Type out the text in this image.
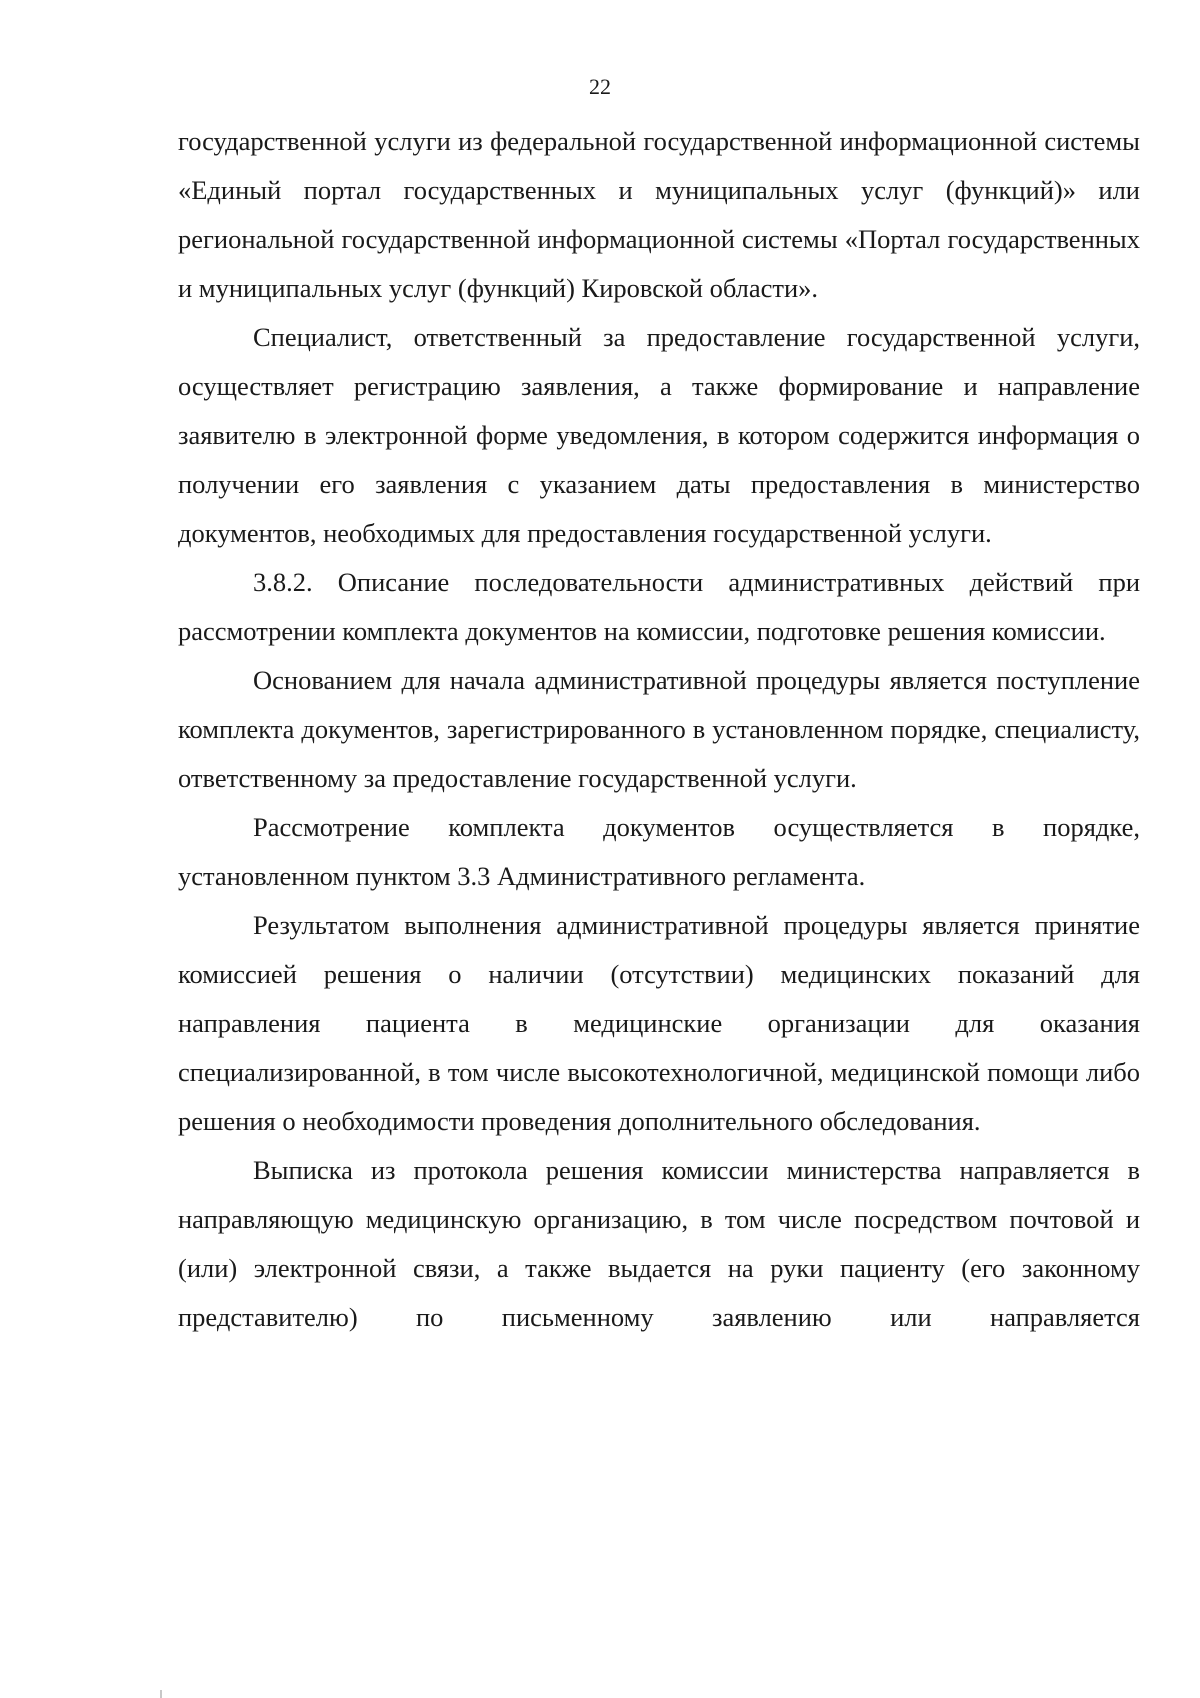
22

государственной услуги из федеральной государственной информационной системы «Единый портал государственных и муниципальных услуг (функций)» или региональной государственной информационной системы «Портал государственных и муниципальных услуг (функций) Кировской области».

Специалист, ответственный за предоставление государственной услуги, осуществляет регистрацию заявления, а также формирование и направление заявителю в электронной форме уведомления, в котором содержится информация о получении его заявления с указанием даты предоставления в министерство документов, необходимых для предоставления государственной услуги.

3.8.2. Описание последовательности административных действий при рассмотрении комплекта документов на комиссии, подготовке решения комиссии.

Основанием для начала административной процедуры является поступление комплекта документов, зарегистрированного в установленном порядке, специалисту, ответственному за предоставление государственной услуги.

Рассмотрение комплекта документов осуществляется в порядке, установленном пунктом 3.3 Административного регламента.

Результатом выполнения административной процедуры является принятие комиссией решения о наличии (отсутствии) медицинских показаний для направления пациента в медицинские организации для оказания специализированной, в том числе высокотехнологичной, медицинской помощи либо решения о необходимости проведения дополнительного обследования.

Выписка из протокола решения комиссии министерства направляется в направляющую медицинскую организацию, в том числе посредством почтовой и (или) электронной связи, а также выдается на руки пациенту (его законному представителю) по письменному заявлению или направляется
